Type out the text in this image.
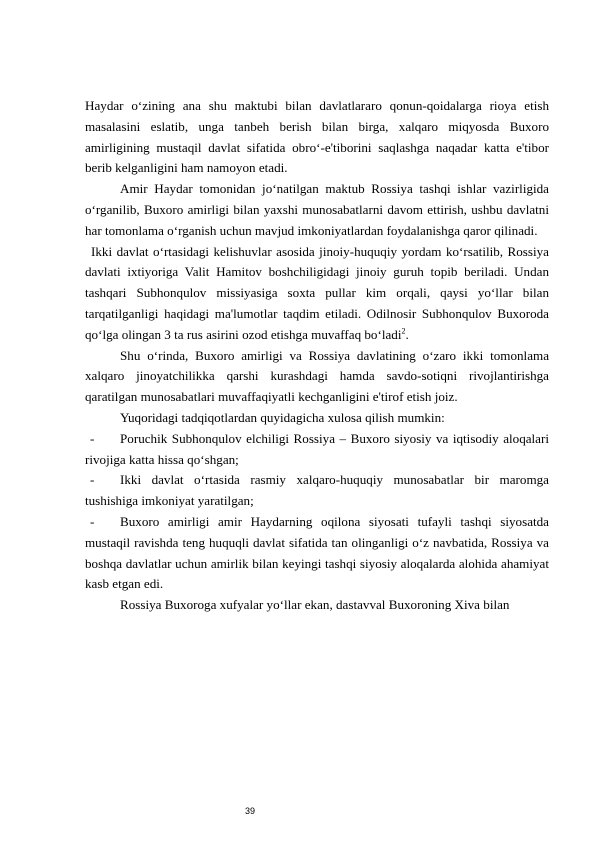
Haydar o‘zining ana shu maktubi bilan davlatlararo qonun-qoidalarga rioya etish masalasini eslatib, unga tanbeh berish bilan birga, xalqaro miqyosda Buxoro amirligining mustaqil davlat sifatida obro‘-e'tiborini saqlashga naqadar katta e'tibor berib kelganligini ham namoyon etadi.

Amir Haydar tomonidan jo‘natilgan maktub Rossiya tashqi ishlar vazirligida o‘rganilib, Buxoro amirligi bilan yaxshi munosabatlarni davom ettirish, ushbu davlatni har tomonlama o‘rganish uchun mavjud imkoniyatlardan foydalanishga qaror qilinadi.

Ikki davlat o‘rtasidagi kelishuvlar asosida jinoiy-huquqiy yordam ko‘rsatilib, Rossiya davlati ixtiyoriga Valit Hamitov boshchiligidagi jinoiy guruh topib beriladi. Undan tashqari Subhonqulov missiyasiga soxta pullar kim orqali, qaysi yo‘llar bilan tarqatilganligi haqidagi ma'lumotlar taqdim etiladi. Odilnosir Subhonqulov Buxoroda qo‘lga olingan 3 ta rus asirini ozod etishga muvaffaq bo‘ladi$^2$.

Shu o‘rinda, Buxoro amirligi va Rossiya davlatining o‘zaro ikki tomonlama xalqaro jinoyatchilikka qarshi kurashdagi hamda savdo-sotiqni rivojlantirishga qaratilgan munosabatlari muvaffaqiyatli kechganligini e'tirof etish joiz.

Yuqoridagi tadqiqotlardan quyidagicha xulosa qilish mumkin:

- Poruchik Subhonqulov elchiligi Rossiya – Buxoro siyosiy va iqtisodiy aloqalari rivojiga katta hissa qo‘shgan;

- Ikki davlat o‘rtasida rasmiy xalqaro-huquqiy munosabatlar bir maromga tushishiga imkoniyat yaratilgan;

- Buxoro amirligi amir Haydarning oqilona siyosati tufayli tashqi siyosatda mustaqil ravishda teng huquqli davlat sifatida tan olinganligi o‘z navbatida, Rossiya va boshqa davlatlar uchun amirlik bilan keyingi tashqi siyosiy aloqalarda alohida ahamiyat kasb etgan edi.

Rossiya Buxoroga xufyalar yo‘llar ekan, dastavval Buxoroning Xiva bilan

39
